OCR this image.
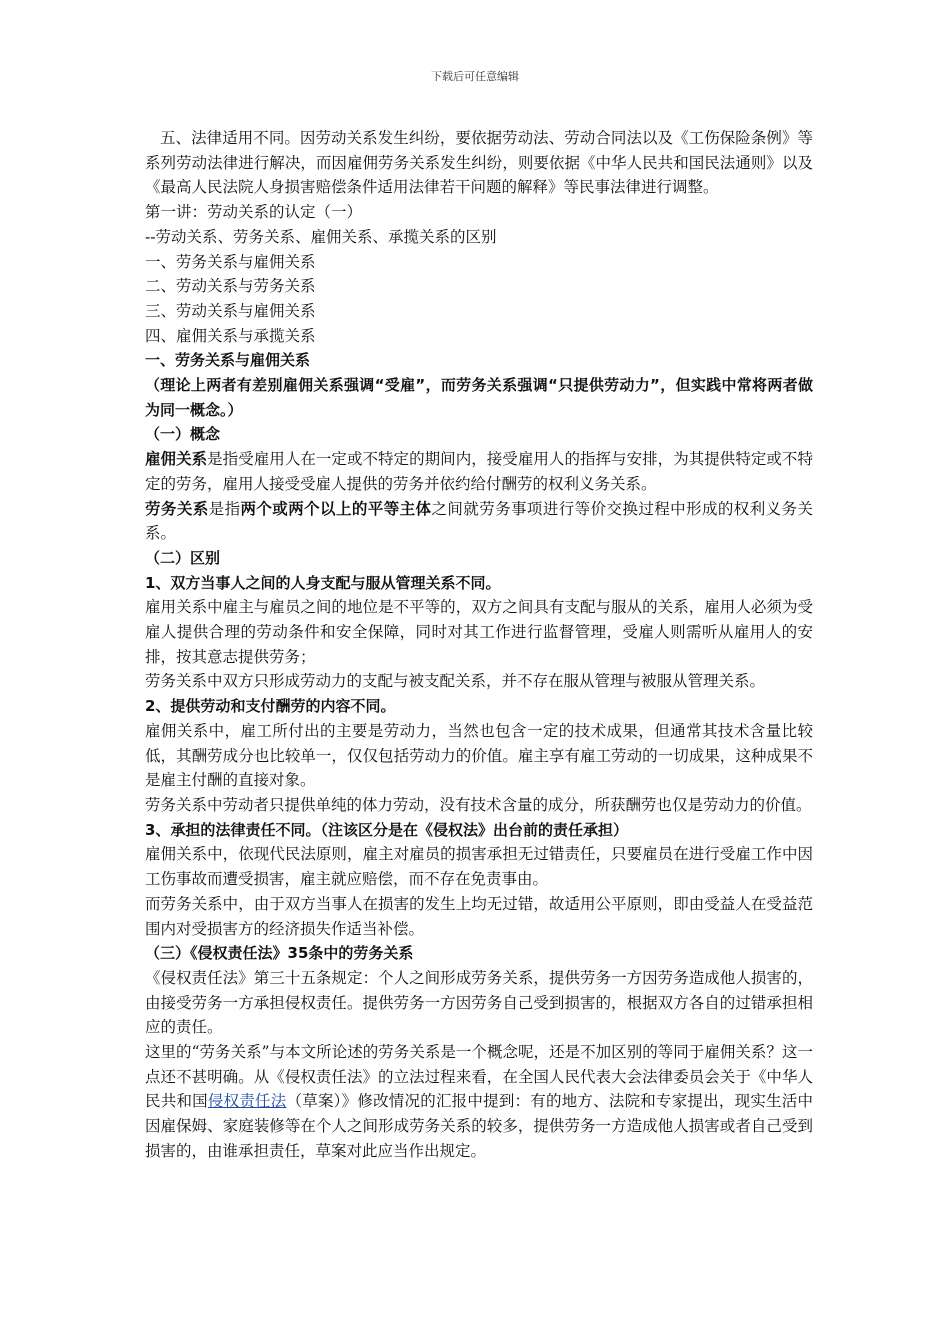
下载后可任意编辑

五、法律适用不同。因劳动关系发生纠纷，要依据劳动法、劳动合同法以及《工伤保险条例》等系列劳动法律进行解决，而因雇佣劳务关系发生纠纷，则要依据《中华人民共和国民法通则》以及《最高人民法院人身损害赔偿条件适用法律若干问题的解释》等民事法律进行调整。

第一讲：劳动关系的认定（一）

--劳动关系、劳务关系、雇佣关系、承揽关系的区别

一、劳务关系与雇佣关系

二、劳动关系与劳务关系

三、劳动关系与雇佣关系

四、雇佣关系与承揽关系

一、劳务关系与雇佣关系

（理论上两者有差别雇佣关系强调“受雇”，而劳务关系强调“只提供劳动力”，但实践中常将两者做为同一概念。）

（一）概念

雇佣关系是指受雇用人在一定或不特定的期间内，接受雇用人的指挥与安排，为其提供特定或不特定的劳务，雇用人接受受雇人提供的劳务并依约给付酬劳的权利义务关系。

劳务关系是指两个或两个以上的平等主体之间就劳务事项进行等价交换过程中形成的权利义务关系。

（二）区别

1、双方当事人之间的人身支配与服从管理关系不同。

雇用关系中雇主与雇员之间的地位是不平等的，双方之间具有支配与服从的关系，雇用人必须为受雇人提供合理的劳动条件和安全保障，同时对其工作进行监督管理，受雇人则需听从雇用人的安排，按其意志提供劳务；

劳务关系中双方只形成劳动力的支配与被支配关系，并不存在服从管理与被服从管理关系。

2、提供劳动和支付酬劳的内容不同。

雇佣关系中，雇工所付出的主要是劳动力，当然也包含一定的技术成果，但通常其技术含量比较低，其酬劳成分也比较单一，仅仅包括劳动力的价值。雇主享有雇工劳动的一切成果，这种成果不是雇主付酬的直接对象。

劳务关系中劳动者只提供单纯的体力劳动，没有技术含量的成分，所获酬劳也仅是劳动力的价值。

3、承担的法律责任不同。（注该区分是在《侵权法》出台前的责任承担）

雇佣关系中，依现代民法原则，雇主对雇员的损害承担无过错责任，只要雇员在进行受雇工作中因工伤事故而遭受损害，雇主就应赔偿，而不存在免责事由。

而劳务关系中，由于双方当事人在损害的发生上均无过错，故适用公平原则，即由受益人在受益范围内对受损害方的经济损失作适当补偿。

（三）《侵权责任法》35条中的劳务关系

《侵权责任法》第三十五条规定：个人之间形成劳务关系，提供劳务一方因劳务造成他人损害的，由接受劳务一方承担侵权责任。提供劳务一方因劳务自己受到损害的，根据双方各自的过错承担相应的责任。

这里的“劳务关系”与本文所论述的劳务关系是一个概念呢，还是不加区别的等同于雇佣关系？这一点还不甚明确。从《侵权责任法》的立法过程来看，在全国人民代表大会法律委员会关于《中华人民共和国侵权责任法（草案）》修改情况的汇报中提到：有的地方、法院和专家提出，现实生活中因雇保姆、家庭装修等在个人之间形成劳务关系的较多，提供劳务一方造成他人损害或者自己受到损害的，由谁承担责任，草案对此应当作出规定。
